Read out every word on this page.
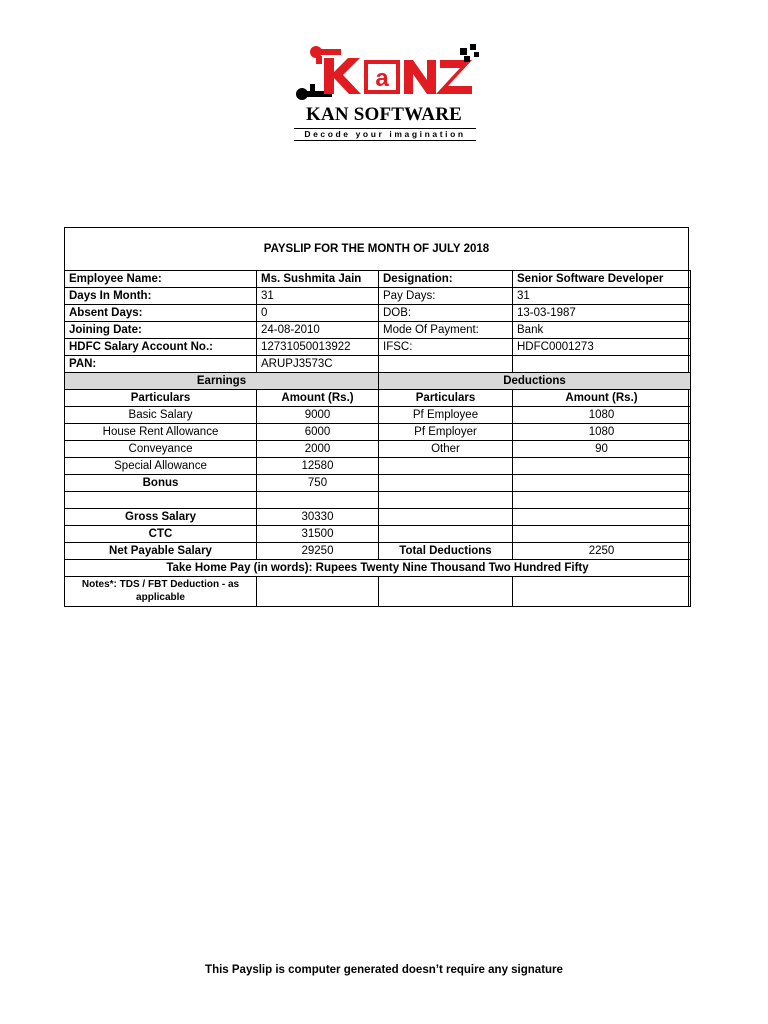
a
KAN SOFTWARE
Decode your imagination
PAYSLIP FOR THE MONTH OF JULY 2018
Employee Name:	Ms. Sushmita Jain	Designation:	Senior Software Developer
Days In Month:	31	Pay Days:	31
Absent Days:	0	DOB:	13-03-1987
Joining Date:	24-08-2010	Mode Of Payment:	Bank
HDFC Salary Account No.:	12731050013922	IFSC:	HDFC0001273
PAN:	ARUPJ3573C		
Earnings		Deductions	
Particulars	Amount (Rs.)	Particulars	Amount (Rs.)
Basic Salary	9000	Pf Employee	1080
House Rent Allowance	6000	Pf Employer	1080
Conveyance	2000	Other	90
Special Allowance	12580		
Bonus	750		

Gross Salary	30330		
CTC	31500		
Net Payable Salary	29250	Total Deductions	2250
Take Home Pay (in words): Rupees Twenty Nine Thousand Two Hundred Fifty			
Notes*: TDS / FBT Deduction - as applicable			
This Payslip is computer generated doesn’t require any signature
